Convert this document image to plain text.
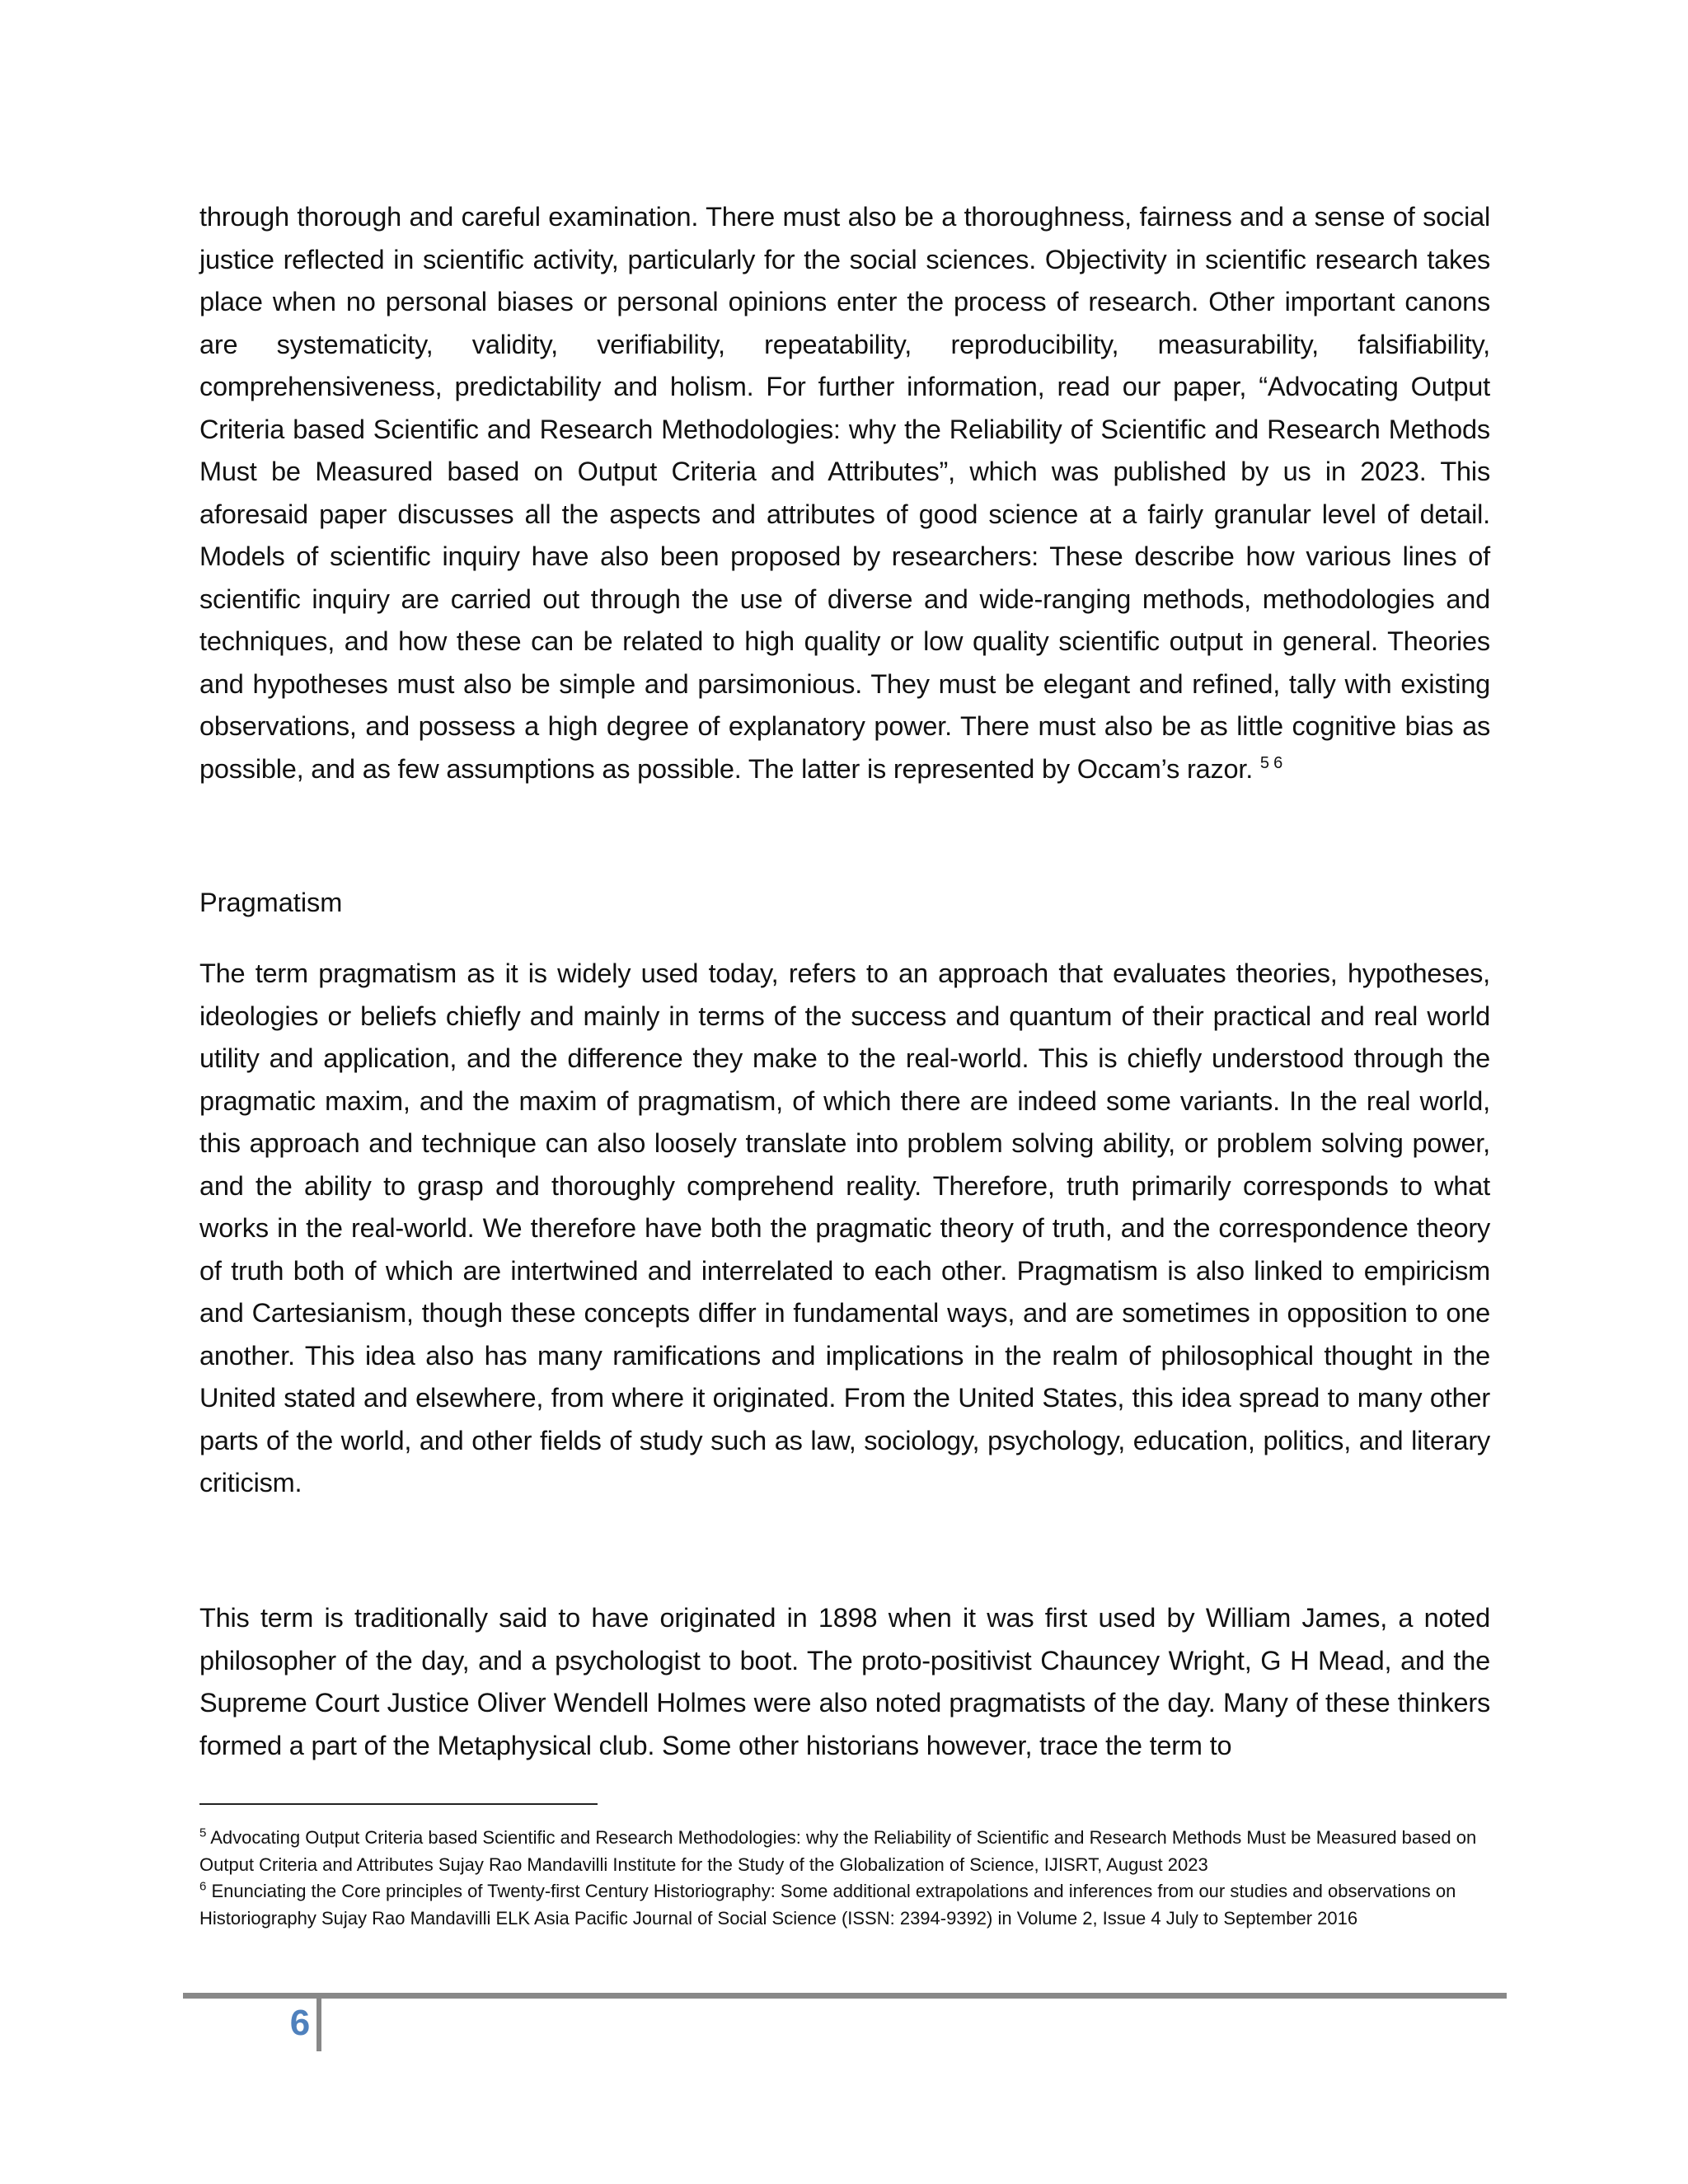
through thorough and careful examination. There must also be a thoroughness, fairness and a sense of social justice reflected in scientific activity, particularly for the social sciences. Objectivity in scientific research takes place when no personal biases or personal opinions enter the process of research. Other important canons are systematicity, validity, verifiability, repeatability, reproducibility, measurability, falsifiability, comprehensiveness, predictability and holism. For further information, read our paper, “Advocating Output Criteria based Scientific and Research Methodologies: why the Reliability of Scientific and Research Methods Must be Measured based on Output Criteria and Attributes”, which was published by us in 2023. This aforesaid paper discusses all the aspects and attributes of good science at a fairly granular level of detail. Models of scientific inquiry have also been proposed by researchers: These describe how various lines of scientific inquiry are carried out through the use of diverse and wide-ranging methods, methodologies and techniques, and how these can be related to high quality or low quality scientific output in general. Theories and hypotheses must also be simple and parsimonious. They must be elegant and refined, tally with existing observations, and possess a high degree of explanatory power. There must also be as little cognitive bias as possible, and as few assumptions as possible. The latter is represented by Occam’s razor. $^{5 6}$

Pragmatism

The term pragmatism as it is widely used today, refers to an approach that evaluates theories, hypotheses, ideologies or beliefs chiefly and mainly in terms of the success and quantum of their practical and real world utility and application, and the difference they make to the real-world. This is chiefly understood through the pragmatic maxim, and the maxim of pragmatism, of which there are indeed some variants. In the real world, this approach and technique can also loosely translate into problem solving ability, or problem solving power, and the ability to grasp and thoroughly comprehend reality. Therefore, truth primarily corresponds to what works in the real-world. We therefore have both the pragmatic theory of truth, and the correspondence theory of truth both of which are intertwined and interrelated to each other. Pragmatism is also linked to empiricism and Cartesianism, though these concepts differ in fundamental ways, and are sometimes in opposition to one another. This idea also has many ramifications and implications in the realm of philosophical thought in the United stated and elsewhere, from where it originated. From the United States, this idea spread to many other parts of the world, and other fields of study such as law, sociology, psychology, education, politics, and literary criticism.

This term is traditionally said to have originated in 1898 when it was first used by William James, a noted philosopher of the day, and a psychologist to boot. The proto-positivist Chauncey Wright, G H Mead, and the Supreme Court Justice Oliver Wendell Holmes were also noted pragmatists of the day. Many of these thinkers formed a part of the Metaphysical club. Some other historians however, trace the term to

$^5$ Advocating Output Criteria based Scientific and Research Methodologies: why the Reliability of Scientific and Research Methods Must be Measured based on Output Criteria and Attributes Sujay Rao Mandavilli Institute for the Study of the Globalization of Science, IJISRT, August 2023

$^6$ Enunciating the Core principles of Twenty-first Century Historiography: Some additional extrapolations and inferences from our studies and observations on Historiography Sujay Rao Mandavilli ELK Asia Pacific Journal of Social Science (ISSN: 2394-9392) in Volume 2, Issue 4 July to September 2016

6
